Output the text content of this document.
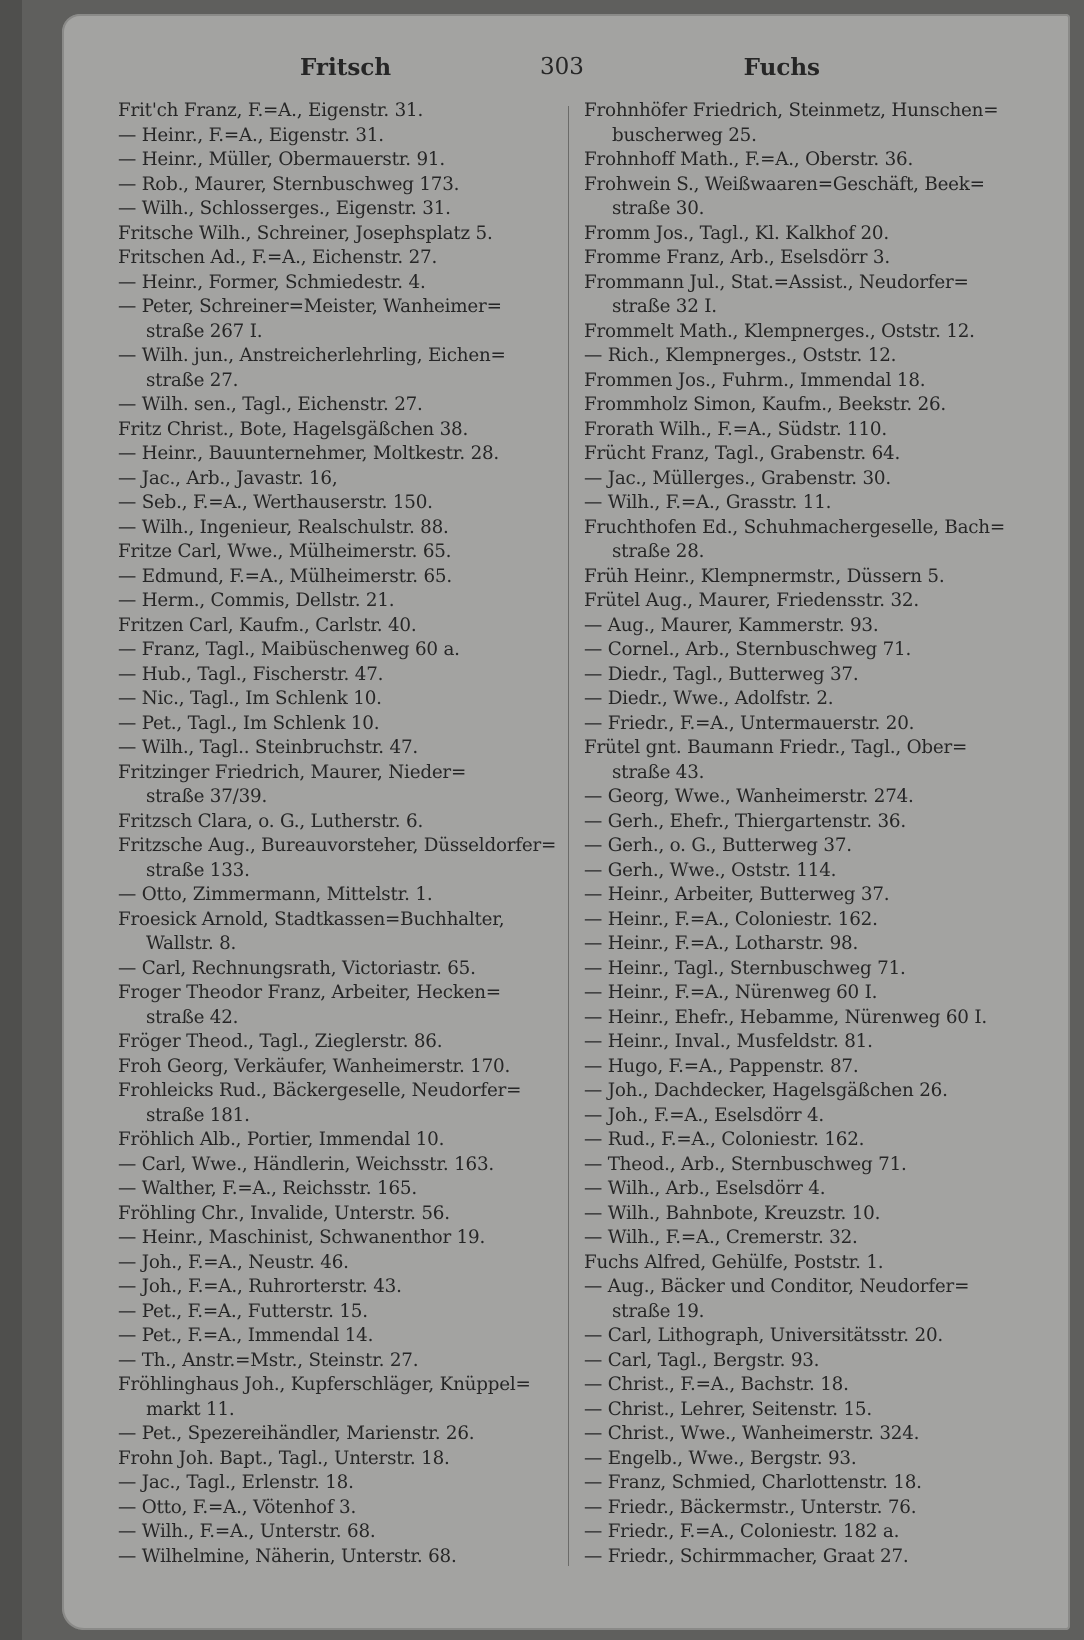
Fritsch	303	Fuchs
Frit'ch Franz, F.=A., Eigenstr. 31.
— Heinr., F.=A., Eigenstr. 31.
— Heinr., Müller, Obermauerstr. 91.
— Rob., Maurer, Sternbuschweg 173.
— Wilh., Schlosserges., Eigenstr. 31.
Fritsche Wilh., Schreiner, Josephsplatz 5.
Fritschen Ad., F.=A., Eichenstr. 27.
— Heinr., Former, Schmiedestr. 4.
— Peter, Schreiner=Meister, Wanheimer=
straße 267 I.
— Wilh. jun., Anstreicherlehrling, Eichen=
straße 27.
— Wilh. sen., Tagl., Eichenstr. 27.
Fritz Christ., Bote, Hagelsgäßchen 38.
— Heinr., Bauunternehmer, Moltkestr. 28.
— Jac., Arb., Javastr. 16,
— Seb., F.=A., Werthauserstr. 150.
— Wilh., Ingenieur, Realschulstr. 88.
Fritze Carl, Wwe., Mülheimerstr. 65.
— Edmund, F.=A., Mülheimerstr. 65.
— Herm., Commis, Dellstr. 21.
Fritzen Carl, Kaufm., Carlstr. 40.
— Franz, Tagl., Maibüschenweg 60 a.
— Hub., Tagl., Fischerstr. 47.
— Nic., Tagl., Im Schlenk 10.
— Pet., Tagl., Im Schlenk 10.
— Wilh., Tagl.. Steinbruchstr. 47.
Fritzinger Friedrich, Maurer, Nieder=
straße 37/39.
Fritzsch Clara, o. G., Lutherstr. 6.
Fritzsche Aug., Bureauvorsteher, Düsseldorfer=
straße 133.
— Otto, Zimmermann, Mittelstr. 1.
Froesick Arnold, Stadtkassen=Buchhalter,
Wallstr. 8.
— Carl, Rechnungsrath, Victoriastr. 65.
Froger Theodor Franz, Arbeiter, Hecken=
straße 42.
Fröger Theod., Tagl., Zieglerstr. 86.
Froh Georg, Verkäufer, Wanheimerstr. 170.
Frohleicks Rud., Bäckergeselle, Neudorfer=
straße 181.
Fröhlich Alb., Portier, Immendal 10.
— Carl, Wwe., Händlerin, Weichsstr. 163.
— Walther, F.=A., Reichsstr. 165.
Fröhling Chr., Invalide, Unterstr. 56.
— Heinr., Maschinist, Schwanenthor 19.
— Joh., F.=A., Neustr. 46.
— Joh., F.=A., Ruhrorterstr. 43.
— Pet., F.=A., Futterstr. 15.
— Pet., F.=A., Immendal 14.
— Th., Anstr.=Mstr., Steinstr. 27.
Fröhlinghaus Joh., Kupferschläger, Knüppel=
markt 11.
— Pet., Spezereihändler, Marienstr. 26.
Frohn Joh. Bapt., Tagl., Unterstr. 18.
— Jac., Tagl., Erlenstr. 18.
— Otto, F.=A., Vötenhof 3.
— Wilh., F.=A., Unterstr. 68.
— Wilhelmine, Näherin, Unterstr. 68.
Frohnhöfer Friedrich, Steinmetz, Hunschen=
buscherweg 25.
Frohnhoff Math., F.=A., Oberstr. 36.
Frohwein S., Weißwaaren=Geschäft, Beek=
straße 30.
Fromm Jos., Tagl., Kl. Kalkhof 20.
Fromme Franz, Arb., Eselsdörr 3.
Frommann Jul., Stat.=Assist., Neudorfer=
straße 32 I.
Frommelt Math., Klempnerges., Oststr. 12.
— Rich., Klempnerges., Oststr. 12.
Frommen Jos., Fuhrm., Immendal 18.
Frommholz Simon, Kaufm., Beekstr. 26.
Frorath Wilh., F.=A., Südstr. 110.
Frücht Franz, Tagl., Grabenstr. 64.
— Jac., Müllerges., Grabenstr. 30.
— Wilh., F.=A., Grasstr. 11.
Fruchthofen Ed., Schuhmachergeselle, Bach=
straße 28.
Früh Heinr., Klempnermstr., Düssern 5.
Frütel Aug., Maurer, Friedensstr. 32.
— Aug., Maurer, Kammerstr. 93.
— Cornel., Arb., Sternbuschweg 71.
— Diedr., Tagl., Butterweg 37.
— Diedr., Wwe., Adolfstr. 2.
— Friedr., F.=A., Untermauerstr. 20.
Frütel gnt. Baumann Friedr., Tagl., Ober=
straße 43.
— Georg, Wwe., Wanheimerstr. 274.
— Gerh., Ehefr., Thiergartenstr. 36.
— Gerh., o. G., Butterweg 37.
— Gerh., Wwe., Oststr. 114.
— Heinr., Arbeiter, Butterweg 37.
— Heinr., F.=A., Coloniestr. 162.
— Heinr., F.=A., Lotharstr. 98.
— Heinr., Tagl., Sternbuschweg 71.
— Heinr., F.=A., Nürenweg 60 I.
— Heinr., Ehefr., Hebamme, Nürenweg 60 I.
— Heinr., Inval., Musfeldstr. 81.
— Hugo, F.=A., Pappenstr. 87.
— Joh., Dachdecker, Hagelsgäßchen 26.
— Joh., F.=A., Eselsdörr 4.
— Rud., F.=A., Coloniestr. 162.
— Theod., Arb., Sternbuschweg 71.
— Wilh., Arb., Eselsdörr 4.
— Wilh., Bahnbote, Kreuzstr. 10.
— Wilh., F.=A., Cremerstr. 32.
Fuchs Alfred, Gehülfe, Poststr. 1.
— Aug., Bäcker und Conditor, Neudorfer=
straße 19.
— Carl, Lithograph, Universitätsstr. 20.
— Carl, Tagl., Bergstr. 93.
— Christ., F.=A., Bachstr. 18.
— Christ., Lehrer, Seitenstr. 15.
— Christ., Wwe., Wanheimerstr. 324.
— Engelb., Wwe., Bergstr. 93.
— Franz, Schmied, Charlottenstr. 18.
— Friedr., Bäckermstr., Unterstr. 76.
— Friedr., F.=A., Coloniestr. 182 a.
— Friedr., Schirmmacher, Graat 27.
